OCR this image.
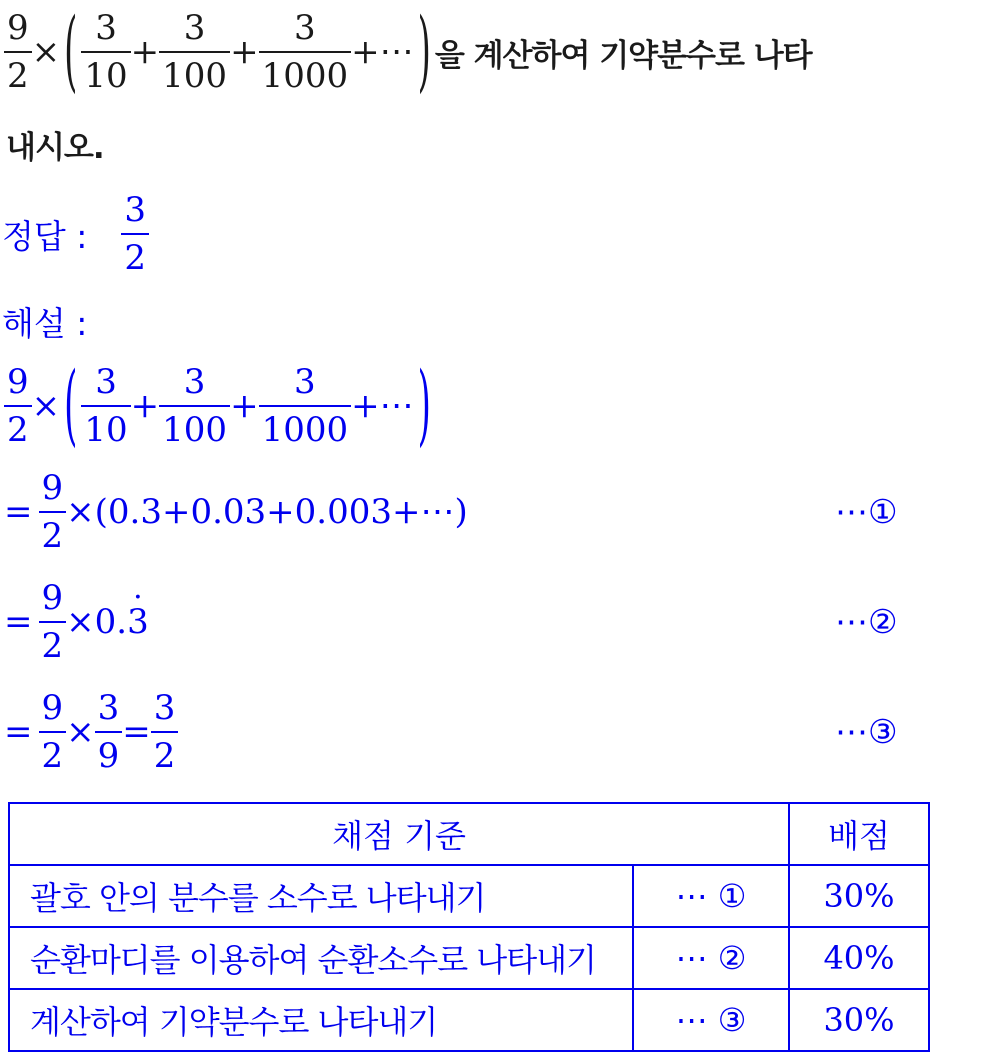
$\frac{9}{2}$ × ( $\frac{3}{10} + \frac{3}{100} + \frac{3}{1000}$ +⋯ ) 을 계산하여 기약분수로 나타
내시오.
정답 : $\frac{3}{2}$
해설 :
$\frac{9}{2}$ × ( $\frac{3}{10} + \frac{3}{100} + \frac{3}{1000}$ +⋯ )
= $\frac{9}{2}$ × (0.3+0.03+0.003+⋯)	⋯①
= $\frac{9}{2} \times 0$. · 3	⋯②
= $\frac{9}{2} \times \frac{3}{9} = \frac{3}{2}$	⋯③
채점 기준		배점
괄호 안의 분수를 소수로 나타내기	⋯ ①	30%
순환마디를 이용하여 순환소수로 나타내기	⋯ ②	40%
계산하여 기약분수로 나타내기	⋯ ③	30%
